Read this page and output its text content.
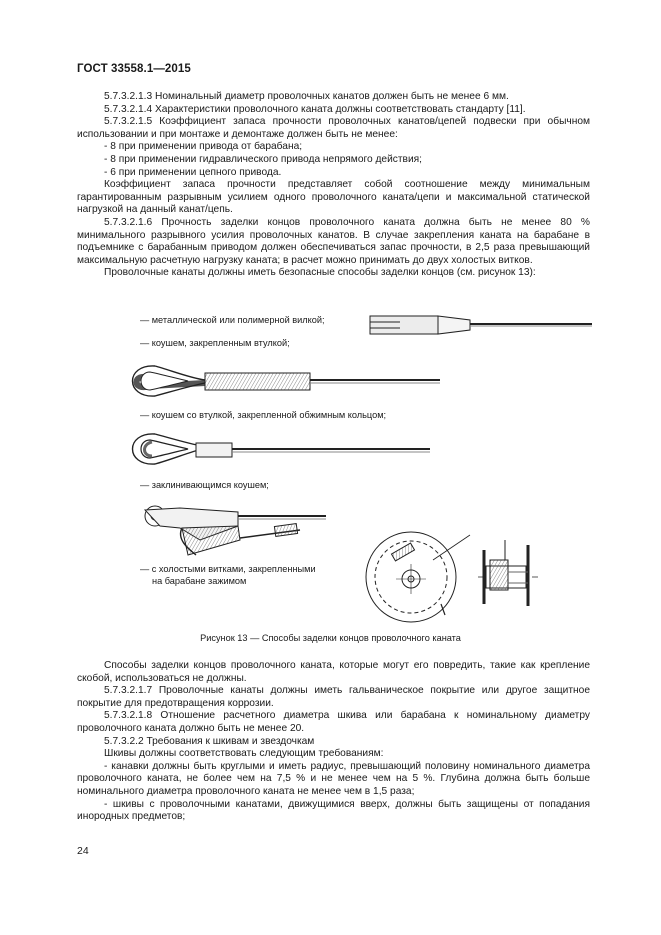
ГОСТ 33558.1—2015

5.7.3.2.1.3 Номинальный диаметр проволочных канатов должен быть не менее 6 мм.

5.7.3.2.1.4 Характеристики проволочного каната должны соответствовать стандарту [11].

5.7.3.2.1.5 Коэффициент запаса прочности проволочных канатов/цепей подвески при обычном использовании и при монтаже и демонтаже должен быть не менее:

- 8 при применении привода от барабана;

- 8 при применении гидравлического привода непрямого действия;

- 6 при применении цепного привода.

Коэффициент запаса прочности представляет собой соотношение между минимальным гарантированным разрывным усилием одного проволочного каната/цепи и максимальной статической нагрузкой на данный канат/цепь.

5.7.3.2.1.6 Прочность заделки концов проволочного каната должна быть не менее 80 % минимального разрывного усилия проволочных канатов. В случае закрепления каната на барабане в подъемнике с барабанным приводом должен обеспечиваться запас прочности, в 2,5 раза превышающий максимальную расчетную нагрузку каната; в расчет можно принимать до двух холостых витков.

Проволочные канаты должны иметь безопасные способы заделки концов (см. рисунок 13):

— металлической или полимерной вилкой;
— коушем, закрепленным втулкой;
— коушем со втулкой, закрепленной обжимным кольцом;
— заклинивающимся коушем;
— с холостыми витками, закрепленными
на барабане зажимом
Рисунок 13 — Способы заделки концов проволочного каната

Способы заделки концов проволочного каната, которые могут его повредить, такие как крепление скобой, использоваться не должны.

5.7.3.2.1.7 Проволочные канаты должны иметь гальваническое покрытие или другое защитное покрытие для предотвращения коррозии.

5.7.3.2.1.8 Отношение расчетного диаметра шкива или барабана к номинальному диаметру проволочного каната должно быть не менее 20.

5.7.3.2.2 Требования к шкивам и звездочкам

Шкивы должны соответствовать следующим требованиям:

- канавки должны быть круглыми и иметь радиус, превышающий половину номинального диаметра проволочного каната, не более чем на 7,5 % и не менее чем на 5 %. Глубина должна быть больше номинального диаметра проволочного каната не менее чем в 1,5 раза;

- шкивы с проволочными канатами, движущимися вверх, должны быть защищены от попадания инородных предметов;

24
